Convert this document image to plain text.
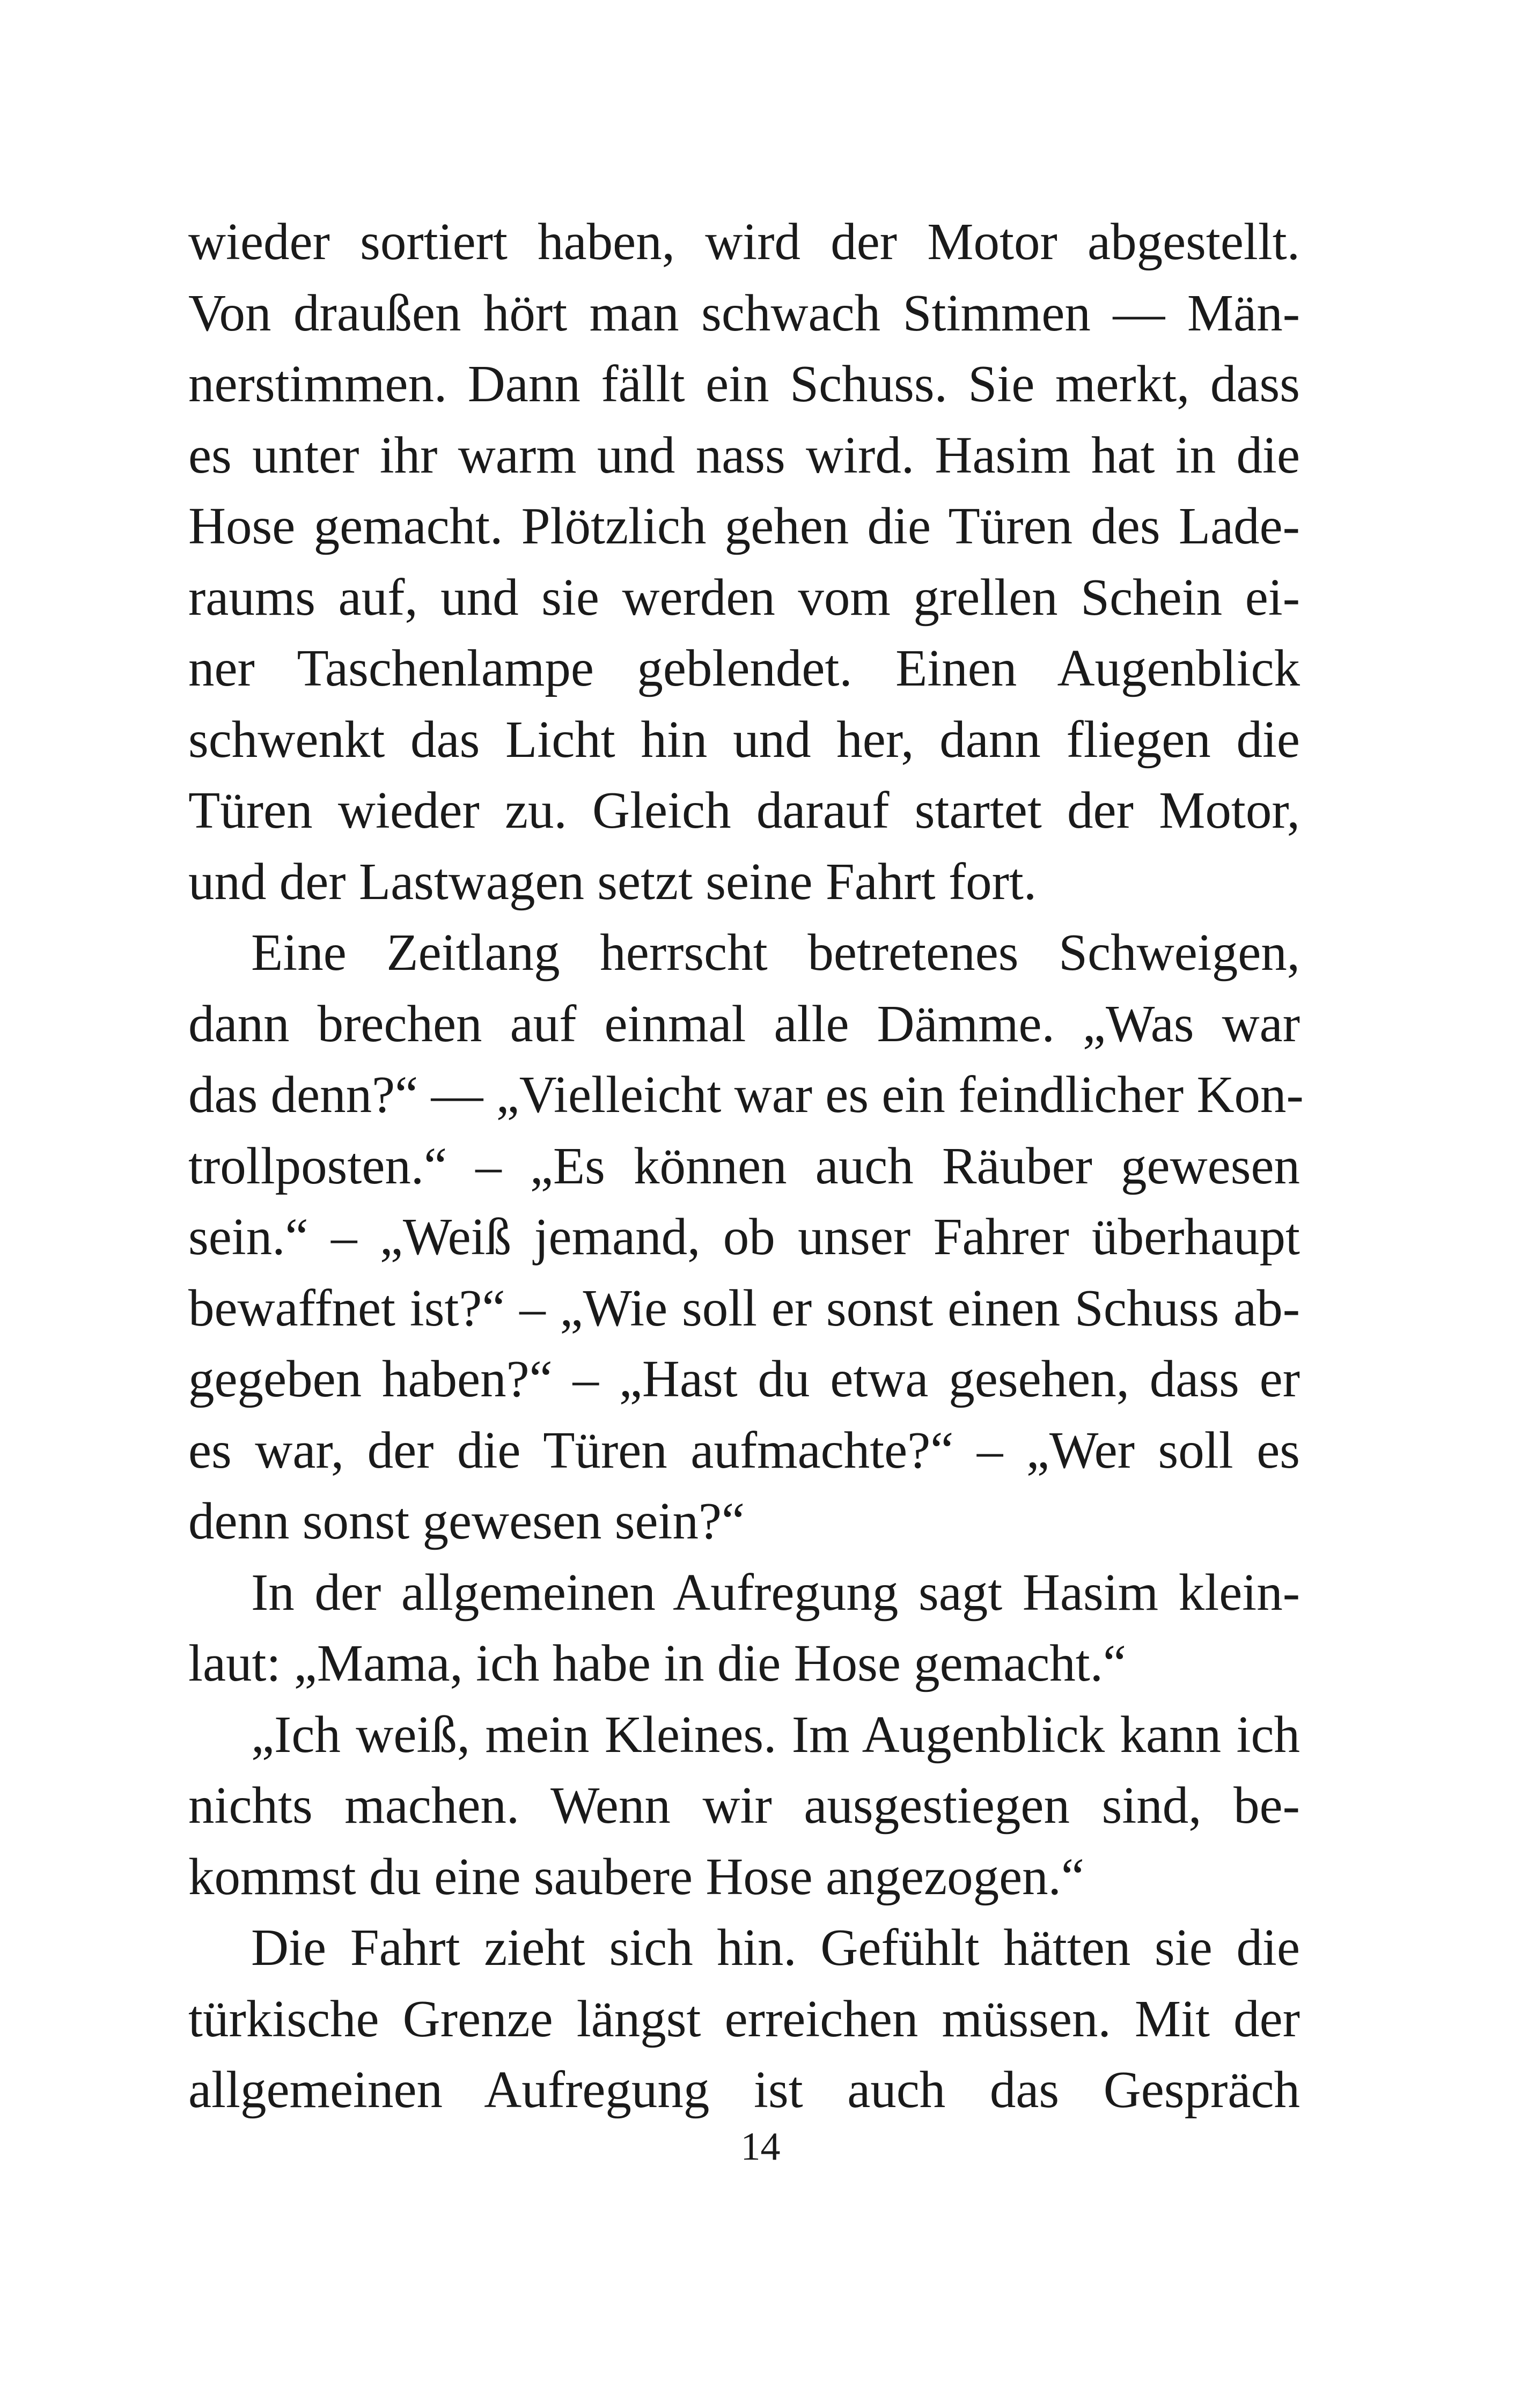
wieder sortiert haben, wird der Motor abgestellt.
Von draußen hört man schwach Stimmen — Män-
nerstimmen. Dann fällt ein Schuss. Sie merkt, dass
es unter ihr warm und nass wird. Hasim hat in die
Hose gemacht. Plötzlich gehen die Türen des Lade-
raums auf, und sie werden vom grellen Schein ei-
ner Taschenlampe geblendet. Einen Augenblick
schwenkt das Licht hin und her, dann fliegen die
Türen wieder zu. Gleich darauf startet der Motor,
und der Lastwagen setzt seine Fahrt fort.
Eine Zeitlang herrscht betretenes Schweigen,
dann brechen auf einmal alle Dämme. „Was war
das denn?“ — „Vielleicht war es ein feindlicher Kon-
trollposten.“ – „Es können auch Räuber gewesen
sein.“ – „Weiß jemand, ob unser Fahrer überhaupt
bewaffnet ist?“ – „Wie soll er sonst einen Schuss ab-
gegeben haben?“ – „Hast du etwa gesehen, dass er
es war, der die Türen aufmachte?“ – „Wer soll es
denn sonst gewesen sein?“
In der allgemeinen Aufregung sagt Hasim klein-
laut: „Mama, ich habe in die Hose gemacht.“
„Ich weiß, mein Kleines. Im Augenblick kann ich
nichts machen. Wenn wir ausgestiegen sind, be-
kommst du eine saubere Hose angezogen.“
Die Fahrt zieht sich hin. Gefühlt hätten sie die
türkische Grenze längst erreichen müssen. Mit der
allgemeinen Aufregung ist auch das Gespräch
14
